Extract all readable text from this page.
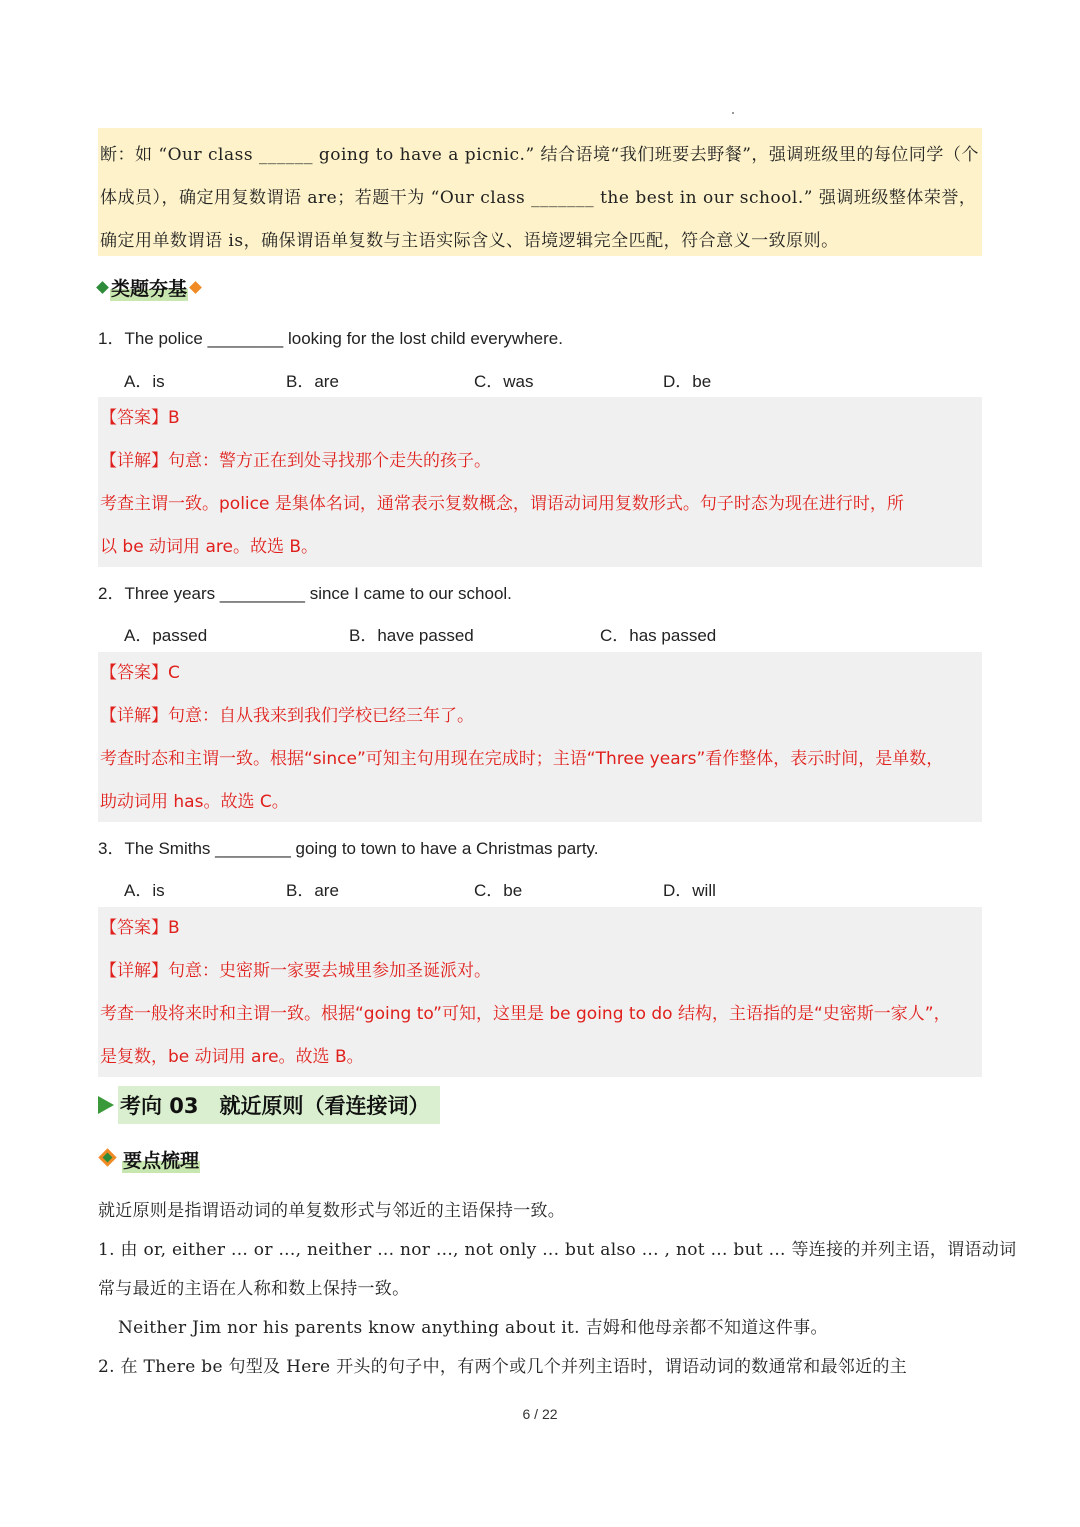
断：如 “Our class ______ going to have a picnic.” 结合语境“我们班要去野餐”，强调班级里的每位同学（个
体成员），确定用复数谓语 are；若题干为 “Our class _______ the best in our school.” 强调班级整体荣誉，
确定用单数谓语 is，确保谓语单复数与主语实际含义、语境逻辑完全匹配，符合意义一致原则。
类题夯基
1．The police ________ looking for the lost child everywhere.
A．is	B．are	C．was	D．be
【答案】B
【详解】句意：警方正在到处寻找那个走失的孩子。
考查主谓一致。police 是集体名词，通常表示复数概念，谓语动词用复数形式。句子时态为现在进行时，所
以 be 动词用 are。故选 B。
2．Three years _________ since I came to our school.
A．passed	B．have passed	C．has passed
【答案】C
【详解】句意：自从我来到我们学校已经三年了。
考查时态和主谓一致。根据“since”可知主句用现在完成时；主语“Three years”看作整体，表示时间，是单数，
助动词用 has。故选 C。
3．The Smiths ________ going to town to have a Christmas party.
A．is	B．are	C．be	D．will
【答案】B
【详解】句意：史密斯一家要去城里参加圣诞派对。
考查一般将来时和主谓一致。根据“going to”可知，这里是 be going to do 结构，主语指的是“史密斯一家人”，
是复数，be 动词用 are。故选 B。
考向 03　就近原则（看连接词）
要点梳理
就近原则是指谓语动词的单复数形式与邻近的主语保持一致。
1. 由 or, either ... or ..., neither ... nor ..., not only ... but also ... , not ... but ... 等连接的并列主语，谓语动词
常与最近的主语在人称和数上保持一致。
Neither Jim nor his parents know anything about it. 吉姆和他母亲都不知道这件事。
2. 在 There be 句型及 Here 开头的句子中，有两个或几个并列主语时，谓语动词的数通常和最邻近的主
6 / 22
